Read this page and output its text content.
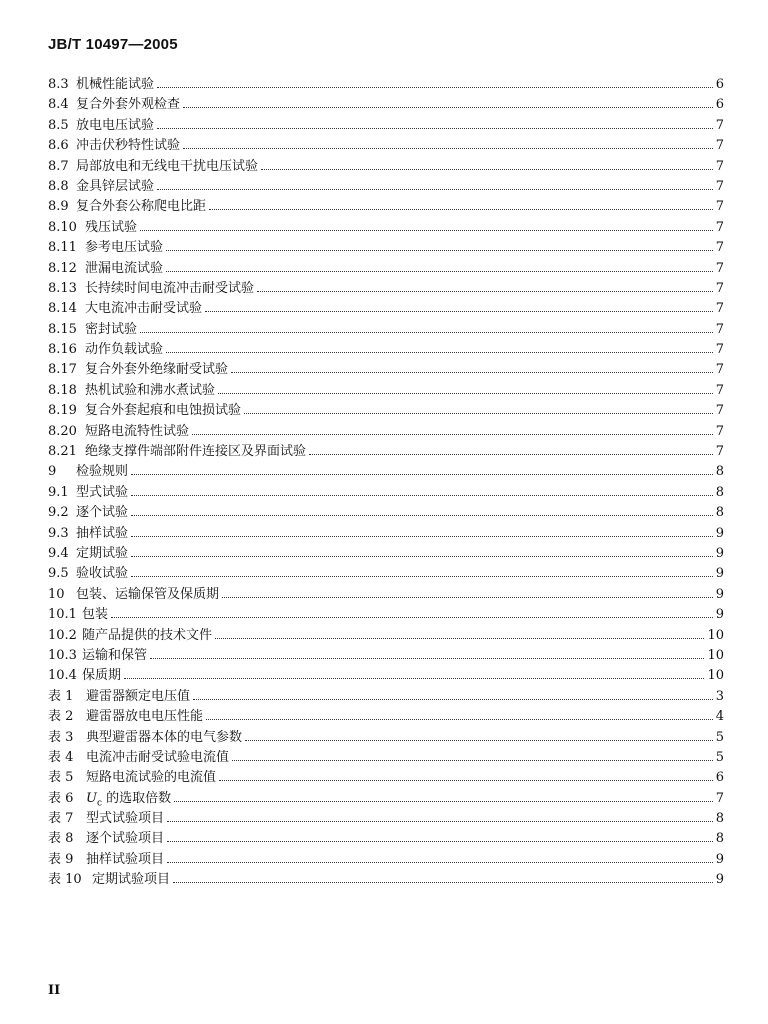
JB/T 10497—2005
8.3 机械性能试验	6
8.4 复合外套外观检查	6
8.5 放电电压试验	7
8.6 冲击伏秒特性试验	7
8.7 局部放电和无线电干扰电压试验	7
8.8 金具锌层试验	7
8.9 复合外套公称爬电比距	7
8.10 残压试验	7
8.11 参考电压试验	7
8.12 泄漏电流试验	7
8.13 长持续时间电流冲击耐受试验	7
8.14 大电流冲击耐受试验	7
8.15 密封试验	7
8.16 动作负载试验	7
8.17 复合外套外绝缘耐受试验	7
8.18 热机试验和沸水煮试验	7
8.19 复合外套起痕和电蚀损试验	7
8.20 短路电流特性试验	7
8.21 绝缘支撑件端部附件连接区及界面试验	7
9	检验规则	8
9.1 型式试验	8
9.2 逐个试验	8
9.3 抽样试验	9
9.4 定期试验	9
9.5 验收试验	9
10 包装、运输保管及保质期	9
10.1 包装	9
10.2 随产品提供的技术文件	10
10.3 运输和保管	10
10.4 保质期	10
表 1 避雷器额定电压值	3
表 2 避雷器放电电压性能	4
表 3 典型避雷器本体的电气参数	5
表 4 电流冲击耐受试验电流值	5
表 5 短路电流试验的电流值	6
表 6 $U_c$ 的选取倍数	7
表 7 型式试验项目	8
表 8 逐个试验项目	8
表 9 抽样试验项目	9
表 10 定期试验项目	9
II
